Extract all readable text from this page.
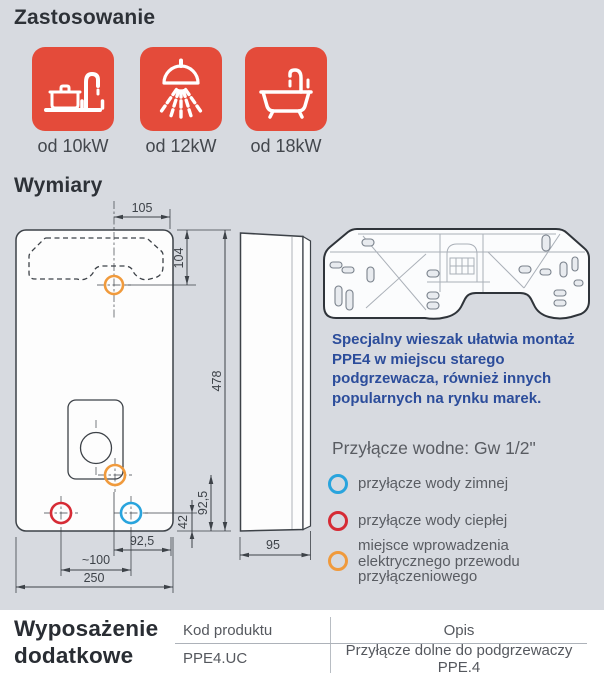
Zastosowanie
od 10kW	od 12kW	od 18kW
Wymiary
105
104
478
92,5
42
92,5
~100
250
95
Specjalny wieszak ułatwia montaż PPE4 w miejscu starego podgrzewacza, również innych popularnych na rynku marek.
Przyłącze wodne: Gw 1/2"
przyłącze wody zimnej
przyłącze wody ciepłej
miejsce wprowadzenia elektrycznego przewodu przyłączeniowego
Wyposażenie dodatkowe
Kod produktu	Opis
PPE4.UC	Przyłącze dolne do podgrzewaczy PPE.4
